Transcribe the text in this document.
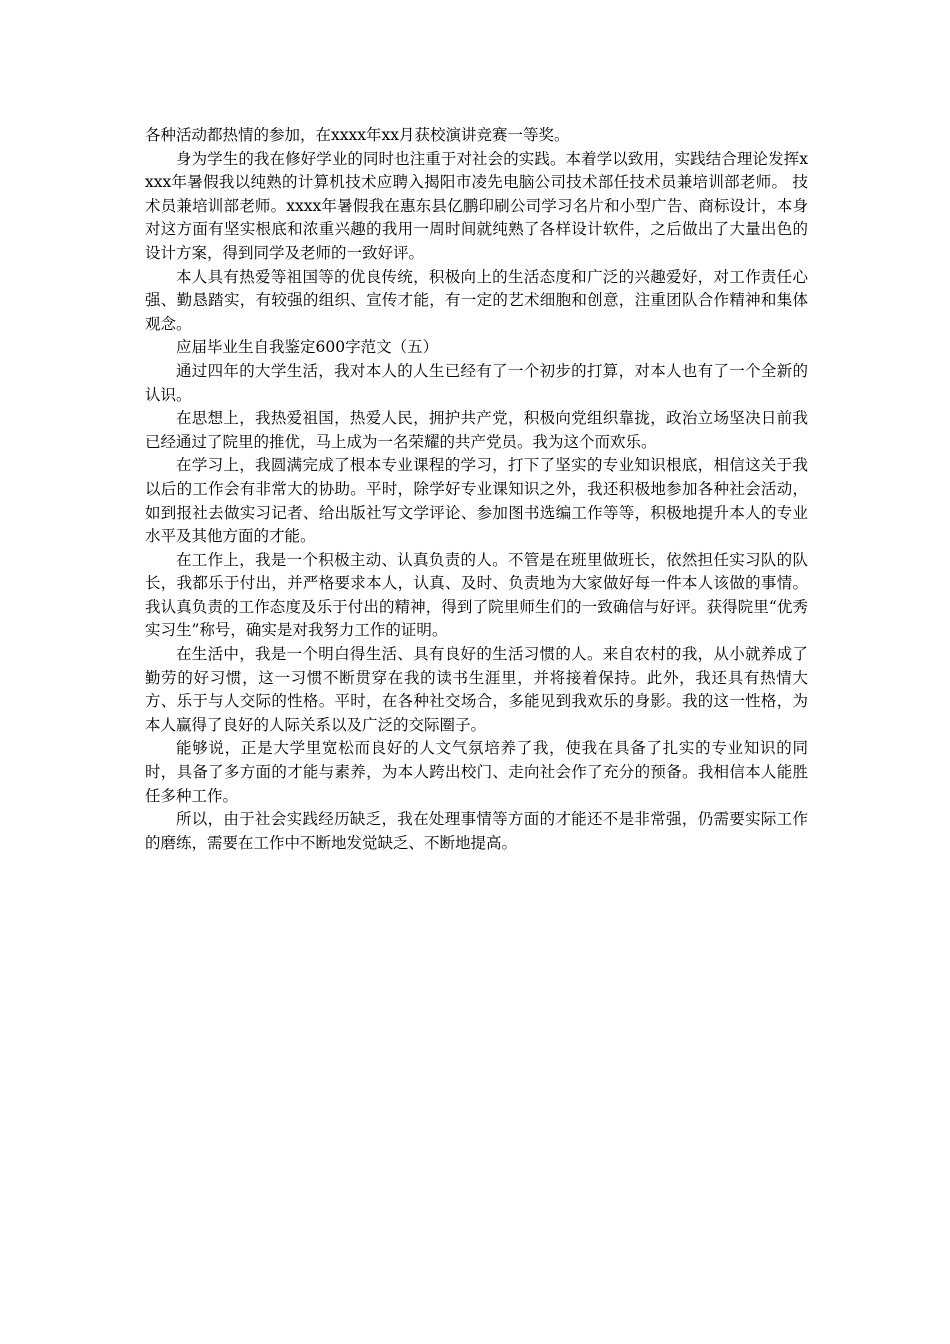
各种活动都热情的参加，在xxxx年xx月获校演讲竞赛一等奖。

身为学生的我在修好学业的同时也注重于对社会的实践。本着学以致用，实践结合理论发挥xxxx年暑假我以纯熟的计算机技术应聘入揭阳市凌先电脑公司技术部任技术员兼培训部老师。 技术员兼培训部老师。xxxx年暑假我在惠东县亿鹏印刷公司学习名片和小型广告、商标设计，本身对这方面有坚实根底和浓重兴趣的我用一周时间就纯熟了各样设计软件，之后做出了大量出色的设计方案，得到同学及老师的一致好评。

本人具有热爱等祖国等的优良传统，积极向上的生活态度和广泛的兴趣爱好，对工作责任心强、勤恳踏实，有较强的组织、宣传才能，有一定的艺术细胞和创意，注重团队合作精神和集体观念。

应届毕业生自我鉴定600字范文（五）

通过四年的大学生活，我对本人的人生已经有了一个初步的打算，对本人也有了一个全新的认识。

在思想上，我热爱祖国，热爱人民，拥护共产党，积极向党组织靠拢，政治立场坚决日前我已经通过了院里的推优，马上成为一名荣耀的共产党员。我为这个而欢乐。

在学习上，我圆满完成了根本专业课程的学习，打下了坚实的专业知识根底，相信这关于我以后的工作会有非常大的协助。平时，除学好专业课知识之外，我还积极地参加各种社会活动，如到报社去做实习记者、给出版社写文学评论、参加图书选编工作等等，积极地提升本人的专业水平及其他方面的才能。

在工作上，我是一个积极主动、认真负责的人。不管是在班里做班长，依然担任实习队的队长，我都乐于付出，并严格要求本人，认真、及时、负责地为大家做好每一件本人该做的事情。我认真负责的工作态度及乐于付出的精神，得到了院里师生们的一致确信与好评。获得院里“优秀实习生”称号，确实是对我努力工作的证明。

在生活中，我是一个明白得生活、具有良好的生活习惯的人。来自农村的我，从小就养成了勤劳的好习惯，这一习惯不断贯穿在我的读书生涯里，并将接着保持。此外，我还具有热情大方、乐于与人交际的性格。平时，在各种社交场合，多能见到我欢乐的身影。我的这一性格，为本人赢得了良好的人际关系以及广泛的交际圈子。

能够说，正是大学里宽松而良好的人文气氛培养了我，使我在具备了扎实的专业知识的同时，具备了多方面的才能与素养，为本人跨出校门、走向社会作了充分的预备。我相信本人能胜任多种工作。

所以，由于社会实践经历缺乏，我在处理事情等方面的才能还不是非常强，仍需要实际工作的磨练，需要在工作中不断地发觉缺乏、不断地提高。
